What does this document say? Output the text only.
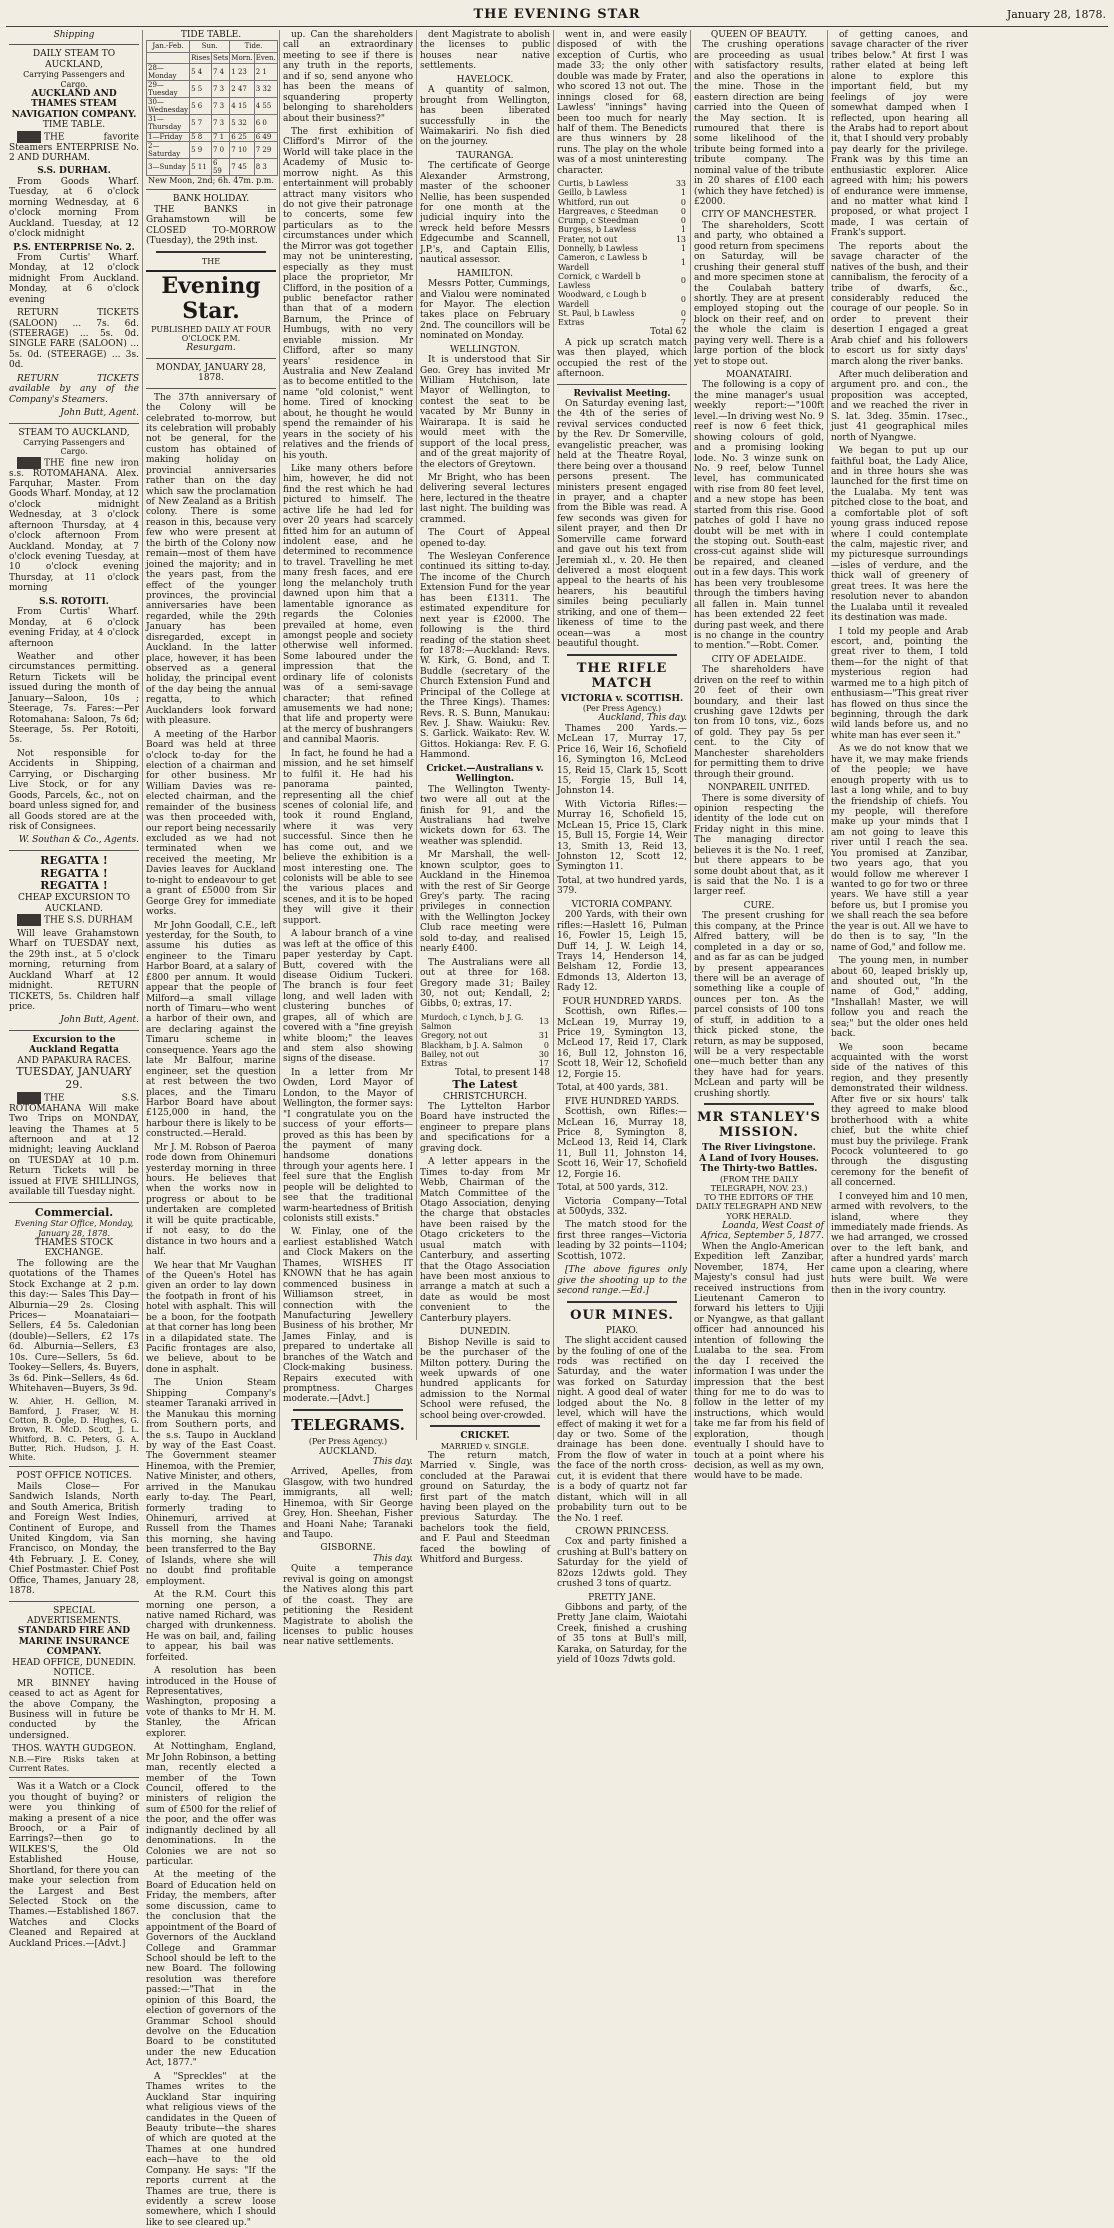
THE EVENING STAR	January 28, 1878.
Shipping
DAILY STEAM TO AUCKLAND,
Carrying Passengers and Cargo.
AUCKLAND AND THAMES STEAM NAVIGATION COMPANY.
TIME TABLE.

THE favorite Steamers ENTERPRISE No. 2 AND DURHAM.

S.S. DURHAM.

From Goods Wharf. Tuesday, at 6 o'clock morning Wednesday, at 6 o'clock morning From Auckland. Tuesday, at 12 o'clock midnight

P.S. ENTERPRISE No. 2.

From Curtis' Wharf. Monday, at 12 o'clock midnight From Auckland. Monday, at 6 o'clock evening

RETURN TICKETS (SALOON) ... 7s. 6d. (STEERAGE) ... 5s. 0d. SINGLE FARE (SALOON) ... 5s. 0d. (STEERAGE) ... 3s. 0d.

RETURN TICKETS available by any of the Company's Steamers.

John Butt, Agent.
STEAM TO AUCKLAND,
Carrying Passengers and Cargo.

THE fine new iron s.s. ROTOMAHANA. Alex. Farquhar, Master. From Goods Wharf. Monday, at 12 o'clock midnight Wednesday, at 3 o'clock afternoon Thursday, at 4 o'clock afternoon From Auckland. Monday, at 7 o'clock evening Tuesday, at 10 o'clock evening Thursday, at 11 o'clock morning

S.S. ROTOITI.

From Curtis' Wharf. Monday, at 6 o'clock evening Friday, at 4 o'clock afternoon

Weather and other circumstances permitting. Return Tickets will be issued during the month of January—Saloon, 10s ; Steerage, 7s. Fares:—Per Rotomahana: Saloon, 7s 6d; Steerage, 5s. Per Rotoiti, 5s.

Not responsible for Accidents in Shipping, Carrying, or Discharging Live Stock, or for any Goods, Parcels, &c., not on board unless signed for, and all Goods stored are at the risk of Consignees.

W. Southan & Co., Agents.
REGATTA ! REGATTA ! REGATTA !
CHEAP EXCURSION TO AUCKLAND.

THE S.S. DURHAM

Will leave Grahamstown Wharf on TUESDAY next, the 29th inst., at 5 o'clock morning, returning from Auckland Wharf at 12 midnight. RETURN TICKETS, 5s. Children half price.

John Butt, Agent.
Excursion to the Auckland Regatta
AND PAPAKURA RACES.
TUESDAY, JANUARY 29.

THE S.S. ROTOMAHANA Will make Two Trips on MONDAY, leaving the Thames at 5 afternoon and at 12 midnight; leaving Auckland on TUESDAY at 10 p.m. Return Tickets will be issued at FIVE SHILLINGS, available till Tuesday night.

Commercial.
Evening Star Office, Monday, January 28, 1878.
THAMES STOCK EXCHANGE.

The following are the quotations of the Thames Stock Exchange at 2 p.m. this day:— Sales This Day— Alburnia—29 2s. Closing Prices— Moanataiari—Sellers, £4 5s. Caledonian (double)—Sellers, £2 17s 6d. Alburnia—Sellers, £3 10s. Cure—Sellers, 5s 6d. Tookey—Sellers, 4s. Buyers, 3s 6d. Pink—Sellers, 4s 6d. Whitehaven—Buyers, 3s 9d.

W. Ahier, H. Gellion, M. Bamford, J. Fraser, W. H. Cotton, B. Ogle, D. Hughes, G. Brown, R. McD. Scott, J. L. Whitford, B. C. Peters, G. A. Butter, Rich. Hudson, J. H. White.

POST OFFICE NOTICES.

Mails Close— For Sandwich Islands, North and South America, British and Foreign West Indies, Continent of Europe, and United Kingdom, via San Francisco, on Monday, the 4th February. J. E. Coney, Chief Postmaster. Chief Post Office, Thames, January 28, 1878.

SPECIAL ADVERTISEMENTS.
STANDARD FIRE AND MARINE INSURANCE COMPANY.
HEAD OFFICE, DUNEDIN.
NOTICE.

MR BINNEY having ceased to act as Agent for the above Company, the Business will in future be conducted by the undersigned.

THOS. WAYTH GUDGEON.

N.B.—Fire Risks taken at Current Rates.

Was it a Watch or a Clock you thought of buying? or were you thinking of making a present of a nice Brooch, or a Pair of Earrings?—then go to WILKES'S, the Old Established House, Shortland, for there you can make your selection from the Largest and Best Selected Stock on the Thames.—Established 1867. Watches and Clocks Cleaned and Repaired at Auckland Prices.—[Advt.]

TIDE TABLE.
Jan.-Feb.	Sun.		Tide.	
	Rises	Sets	Morn.	Even.
28—Monday	5 4	7 4	1 23	2 1
29—Tuesday	5 5	7 3	2 47	3 32
30—Wednesday	5 6	7 3	4 15	4 55
31—Thursday	5 7	7 3	5 32	6 0
1—Friday	5 8	7 1	6 25	6 49
2—Saturday	5 9	7 0	7 10	7 29
3—Sunday	5 11	6 59	7 45	8 3
New Moon, 2nd; 6h. 47m. p.m.
BANK HOLIDAY.

THE BANKS in Grahamstown will be CLOSED TO-MORROW (Tuesday), the 29th inst.

THE
Evening Star.
PUBLISHED DAILY AT FOUR O'CLOCK P.M.
Resurgam.
MONDAY, JANUARY 28, 1878.

The 37th anniversary of the Colony will be celebrated to-morrow, but its celebration will probably not be general, for the custom has obtained of making holiday on provincial anniversaries rather than on the day which saw the proclamation of New Zealand as a British colony. There is some reason in this, because very few who were present at the birth of the Colony now remain—most of them have joined the majority; and in the years past, from the effect of the younger provinces, the provincial anniversaries have been regarded, while the 29th January has been disregarded, except in Auckland. In the latter place, however, it has been observed as a general holiday, the principal event of the day being the annual regatta, to which Aucklanders look forward with pleasure.

A meeting of the Harbor Board was held at three o'clock to-day for the election of a chairman and for other business. Mr William Davies was re-elected chairman, and the remainder of the business was then proceeded with, our report being necessarily excluded as we had not terminated when we received the meeting, Mr Davies leaves for Auckland to-night to endeavour to get a grant of £5000 from Sir George Grey for immediate works.

Mr John Goodall, C.E., left yesterday, for the South, to assume his duties as engineer to the Timaru Harbor Board, at a salary of £800 per annum. It would appear that the people of Milford—a small village north of Timaru—who went a harbor of their own, and are declaring against the Timaru scheme in consequence. Years ago the late Mr Balfour, marine engineer, set the question at rest between the two places, and the Timaru Harbor Board have about £125,000 in hand, the harbour there is likely to be constructed.—Herald.

Mr J. M. Robson of Paeroa rode down from Ohinemuri yesterday morning in three hours. He believes that when the works now in progress or about to be undertaken are completed it will be quite practicable, if not easy, to do the distance in two hours and a half.

We hear that Mr Vaughan of the Queen's Hotel has given an order to lay down the footpath in front of his hotel with asphalt. This will be a boon, for the footpath at that corner has long been in a dilapidated state. The Pacific frontages are also, we believe, about to be done in asphalt.

The Union Steam Shipping Company's steamer Taranaki arrived in the Manukau this morning from Southern ports, and the s.s. Taupo in Auckland by way of the East Coast. The Government steamer Hinemoa, with the Premier, Native Minister, and others, arrived in the Manukau early to-day. The Pearl, formerly trading to Ohinemuri, arrived at Russell from the Thames this morning, she having been transferred to the Bay of Islands, where she will no doubt find profitable employment.

At the R.M. Court this morning one person, a native named Richard, was charged with drunkenness. He was on bail, and, failing to appear, his bail was forfeited.

A resolution has been introduced in the House of Representatives, Washington, proposing a vote of thanks to Mr H. M. Stanley, the African explorer.

At Nottingham, England, Mr John Robinson, a betting man, recently elected a member of the Town Council, offered to the ministers of religion the sum of £500 for the relief of the poor, and the offer was indignantly declined by all denominations. In the Colonies we are not so particular.

At the meeting of the Board of Education held on Friday, the members, after some discussion, came to the conclusion that the appointment of the Board of Governors of the Auckland College and Grammar School should be left to the new Board. The following resolution was therefore passed:—"That in the opinion of this Board, the election of governors of the Grammar School should devolve on the Education Board to be constituted under the new Education Act, 1877."

A "Spreckles" at the Thames writes to the Auckland Star inquiring what religious views of the candidates in the Queen of Beauty tribute—the shares of which are quoted at the Thames at one hundred each—have to the old Company. He says: "If the reports current at the Thames are true, there is evidently a screw loose somewhere, which I should like to see cleared up."

up. Can the shareholders call an extraordinary meeting to see if there is any truth in the reports, and if so, send anyone who has been the means of squandering property belonging to shareholders about their business?"

The first exhibition of Clifford's Mirror of the World will take place in the Academy of Music to-morrow night. As this entertainment will probably attract many visitors who do not give their patronage to concerts, some few particulars as to the circumstances under which the Mirror was got together may not be uninteresting, especially as they must place the proprietor, Mr Clifford, in the position of a public benefactor rather than that of a modern Barnum, the Prince of Humbugs, with no very enviable mission. Mr Clifford, after so many years' residence in Australia and New Zealand as to become entitled to the name "old colonist," went home. Tired of knocking about, he thought he would spend the remainder of his years in the society of his relatives and the friends of his youth.

Like many others before him, however, he did not find the rest which he had pictured to himself. The active life he had led for over 20 years had scarcely fitted him for an autumn of indolent ease, and he determined to recommence to travel. Travelling he met many fresh faces, and ere long the melancholy truth dawned upon him that a lamentable ignorance as regards the Colonies prevailed at home, even amongst people and society otherwise well informed. Some laboured under the impression that the ordinary life of colonists was of a semi-savage character; that refined amusements we had none; that life and property were at the mercy of bushrangers and cannibal Maoris.

In fact, he found he had a mission, and he set himself to fulfil it. He had his panorama painted, representing all the chief scenes of colonial life, and took it round England, where it was very successful. Since then he has come out, and we believe the exhibition is a most interesting one. The colonists will be able to see the various places and scenes, and it is to be hoped they will give it their support.

A labour branch of a vine was left at the office of this paper yesterday by Capt. Butt, covered with the disease Oidium Tuckeri. The branch is four feet long, and well laden with clustering bunches of grapes, all of which are covered with a "fine greyish white bloom;" the leaves and stem also showing signs of the disease.

In a letter from Mr Owden, Lord Mayor of London, to the Mayor of Wellington, the former says: "I congratulate you on the success of your efforts—proved as this has been by the payment of many handsome donations through your agents here. I feel sure that the English people will be delighted to see that the traditional warm-heartedness of British colonists still exists."

W. Finlay, one of the earliest established Watch and Clock Makers on the Thames, WISHES IT KNOWN that he has again commenced business in Williamson street, in connection with the Manufacturing Jewellery Business of his brother, Mr James Finlay, and is prepared to undertake all branches of the Watch and Clock-making business. Repairs executed with promptness. Charges moderate.—[Advt.]

TELEGRAMS.
(Per Press Agency.)
AUCKLAND.
This day.

Arrived, Apelles, from Glasgow, with two hundred immigrants, all well; Hinemoa, with Sir George Grey, Hon. Sheehan, Fisher and Hoani Nahe; Taranaki and Taupo.

GISBORNE.
This day.

Quite a temperance revival is going on amongst the Natives along this part of the coast. They are petitioning the Resident Magistrate to abolish the licenses to public houses near native settlements.

dent Magistrate to abolish the licenses to public houses near native settlements.

HAVELOCK.

A quantity of salmon, brought from Wellington, has been liberated successfully in the Waimakariri. No fish died on the journey.

TAURANGA.

The certificate of George Alexander Armstrong, master of the schooner Nellie, has been suspended for one month at the judicial inquiry into the wreck held before Messrs Edgecumbe and Scannell, J.P.'s, and Captain Ellis, nautical assessor.

HAMILTON.

Messrs Potter, Cummings, and Vialou were nominated for Mayor. The election takes place on February 2nd. The councillors will be nominated on Monday.

WELLINGTON.

It is understood that Sir Geo. Grey has invited Mr William Hutchison, late Mayor of Wellington, to contest the seat to be vacated by Mr Bunny in Wairarapa. It is said he would meet with the support of the local press, and of the great majority of the electors of Greytown.

Mr Bright, who has been delivering several lectures here, lectured in the theatre last night. The building was crammed.

The Court of Appeal opened to-day.

The Wesleyan Conference continued its sitting to-day. The income of the Church Extension Fund for the year has been £1311. The estimated expenditure for next year is £2000. The following is the third reading of the station sheet for 1878:—Auckland: Revs. W. Kirk, G. Bond, and T. Buddle (secretary of the Church Extension Fund and Principal of the College at the Three Kings). Thames: Revs. R. S. Bunn, Manukau: Rev. J. Shaw. Waiuku: Rev. S. Garlick. Waikato: Rev. W. Gittos. Hokianga: Rev. F. G. Hammond.

Cricket.—Australians v. Wellington.

The Wellington Twenty-two were all out at the finish for 91, and the Australians had twelve wickets down for 63. The weather was splendid.

Mr Marshall, the well-known sculptor, goes to Auckland in the Hinemoa with the rest of Sir George Grey's party. The racing privileges in connection with the Wellington Jockey Club race meeting were sold to-day, and realised nearly £400.

The Australians were all out at three for 168. Gregory made 31; Bailey 30, not out; Kendall, 2; Gibbs, 0; extras, 17.

Murdoch, c Lynch, b J. G. Salmon	13
Gregory, not out	31
Blackham, b J. A. Salmon	0
Bailey, not out	30
Extras	17
Total, to present 148
The Latest
CHRISTCHURCH.

The Lyttelton Harbor Board have instructed the engineer to prepare plans and specifications for a graving dock.

A letter appears in the Times to-day from Mr Webb, Chairman of the Match Committee of the Otago Association, denying the charge that obstacles have been raised by the Otago cricketers to the usual match with Canterbury, and asserting that the Otago Association have been most anxious to arrange a match at such a date as would be most convenient to the Canterbury players.

DUNEDIN.

Bishop Neville is said to be the purchaser of the Milton pottery. During the week upwards of one hundred applicants for admission to the Normal School were refused, the school being over-crowded.

CRICKET.
MARRIED v. SINGLE.

The return match, Married v. Single, was concluded at the Parawai ground on Saturday, the first part of the match having been played on the previous Saturday. The bachelors took the field, and F. Paul and Steedman faced the bowling of Whitford and Burgess.

went in, and were easily disposed of with the exception of Curtis, who made 33; the only other double was made by Frater, who scored 13 not out. The innings closed for 68, Lawless' "innings" having been too much for nearly half of them. The Benedicts are thus winners by 28 runs. The play on the whole was of a most uninteresting character.

Curtis, b Lawless	33
Geillo, b Lawless	1
Whitford, run out	0
Hargreaves, c Steedman	0
Crump, c Steedman	0
Burgess, b Lawless	1
Frater, not out	13
Donnelly, b Lawless	1
Cameron, c Lawless b Wardell	1
Cornick, c Wardell b Lawless	0
Woodward, c Lough b Wardell	0
St. Paul, b Lawless	0
Extras	7
Total 62

A pick up scratch match was then played, which occupied the rest of the afternoon.

Revivalist Meeting.

On Saturday evening last, the 4th of the series of revival services conducted by the Rev. Dr Somerville, evangelistic preacher, was held at the Theatre Royal, there being over a thousand persons present. The ministers present engaged in prayer, and a chapter from the Bible was read. A few seconds was given for silent prayer, and then Dr Somerville came forward and gave out his text from Jeremiah xl., v. 20. He then delivered a most eloquent appeal to the hearts of his hearers, his beautiful similes being peculiarly striking, and one of them—likeness of time to the ocean—was a most beautiful thought.

THE RIFLE MATCH
VICTORIA v. SCOTTISH.
(Per Press Agency.)
Auckland, This day.

Thames 200 Yards.—McLean 17, Murray 17, Price 16, Weir 16, Schofield 16, Symington 16, McLeod 15, Reid 15, Clark 15, Scott 15, Forgie 15, Bull 14, Johnston 14.

With Victoria Rifles:—Murray 16, Schofield 15, McLean 15, Price 15, Clark 15, Bull 15, Forgie 14, Weir 13, Smith 13, Reid 13, Johnston 12, Scott 12, Symington 11.

Total, at two hundred yards, 379.

VICTORIA COMPANY.

200 Yards, with their own rifles:—Haslett 16, Pulman 16, Fowler 15, Leigh 15, Duff 14, J. W. Leigh 14, Trays 14, Henderson 14, Belsham 12, Fordie 13, Edmonds 13, Alderton 13, Rady 12.

FOUR HUNDRED YARDS.

Scottish, own Rifles.—McLean 19, Murray 19, Price 19, Symington 13, McLeod 17, Reid 17, Clark 16, Bull 12, Johnston 16, Scott 18, Weir 12, Schofield 12, Forgie 15.

Total, at 400 yards, 381.

FIVE HUNDRED YARDS.

Scottish, own Rifles:—McLean 16, Murray 18, Price 8, Symington 8, McLeod 13, Reid 14, Clark 11, Bull 11, Johnston 14, Scott 16, Weir 17, Schofield 12, Forgie 16.

Total, at 500 yards, 312.

Victoria Company—Total at 500yds, 332.

The match stood for the first three ranges—Victoria leading by 32 points—1104; Scottish, 1072.

[The above figures only give the shooting up to the second range.—Ed.]

OUR MINES.
PIAKO.

The slight accident caused by the fouling of one of the rods was rectified on Saturday, and the water was forked on Saturday night. A good deal of water lodged about the No. 8 level, which will have the effect of making it wet for a day or two. Some of the drainage has been done. From the flow of water in the face of the north cross-cut, it is evident that there is a body of quartz not far distant, which will in all probability turn out to be the No. 1 reef.

CROWN PRINCESS.

Cox and party finished a crushing at Bull's battery on Saturday for the yield of 82ozs 12dwts gold. They crushed 3 tons of quartz.

PRETTY JANE.

Gibbons and party, of the Pretty Jane claim, Waiotahi Creek, finished a crushing of 35 tons at Bull's mill, Karaka, on Saturday, for the yield of 10ozs 7dwts gold.

QUEEN OF BEAUTY.

The crushing operations are proceeding as usual with satisfactory results, and also the operations in the mine. Those in the eastern direction are being carried into the Queen of the May section. It is rumoured that there is some likelihood of the tribute being formed into a tribute company. The nominal value of the tribute in 20 shares of £100 each (which they have fetched) is £2000.

CITY OF MANCHESTER.

The shareholders, Scott and party, who obtained a good return from specimens on Saturday, will be crushing their general stuff and more specimen stone at the Coulabah battery shortly. They are at present employed stoping out the block on their reef, and on the whole the claim is paying very well. There is a large portion of the block yet to stope out.

MOANATAIRI.

The following is a copy of the mine manager's usual weekly report:—"100ft level.—In driving west No. 9 reef is now 6 feet thick, showing colours of gold, and a promising looking lode. No. 3 winze sunk on No. 9 reef, below Tunnel level, has communicated with rise from 80 feet level, and a new stope has been started from this rise. Good patches of gold I have no doubt will be met with in the stoping out. South-east cross-cut against slide will be repaired, and cleaned out in a few days. This work has been very troublesome through the timbers having all fallen in. Main tunnel has been extended 22 feet during past week, and there is no change in the country to mention."—Robt. Comer.

CITY OF ADELAIDE.

The shareholders have driven on the reef to within 20 feet of their own boundary, and their last crushing gave 12dwts per ton from 10 tons, viz., 6ozs of gold. They pay 5s per cent. to the City of Manchester shareholders for permitting them to drive through their ground.

NONPAREIL UNITED.

There is some diversity of opinion respecting the identity of the lode cut on Friday night in this mine. The managing director believes it is the No. 1 reef, but there appears to be some doubt about that, as it is said that the No. 1 is a larger reef.

CURE.

The present crushing for this company, at the Prince Alfred battery, will be completed in a day or so, and as far as can be judged by present appearances there will be an average of something like a couple of ounces per ton. As the parcel consists of 100 tons of stuff, in addition to a thick picked stone, the return, as may be supposed, will be a very respectable one—much better than any they have had for years. McLean and party will be crushing shortly.

MR STANLEY'S MISSION.
The River Livingstone.
A Land of Ivory Houses.
The Thirty-two Battles.
(FROM THE DAILY TELEGRAPH, NOV. 23.)
TO THE EDITORS OF THE DAILY TELEGRAPH AND NEW YORK HERALD.
Loanda, West Coast of Africa, September 5, 1877.

When the Anglo-American Expedition left Zanzibar, November, 1874, Her Majesty's consul had just received instructions from Lieutenant Cameron to forward his letters to Ujiji or Nyangwe, as that gallant officer had announced his intention of following the Lualaba to the sea. From the day I received the information I was under the impression that the best thing for me to do was to follow in the letter of my instructions, which would take me far from his field of exploration, though eventually I should have to touch at a point where his decision, as well as my own, would have to be made.

of getting canoes, and savage character of the river tribes below." At first I was rather elated at being left alone to explore this important field, but my feelings of joy were somewhat damped when I reflected, upon hearing all the Arabs had to report about it, that I should very probably pay dearly for the privilege. Frank was by this time an enthusiastic explorer. Alice agreed with him; his powers of endurance were immense, and no matter what kind I proposed, or what project I made, I was certain of Frank's support.

The reports about the savage character of the natives of the bush, and their cannibalism, the ferocity of a tribe of dwarfs, &c., considerably reduced the courage of our people. So in order to prevent their desertion I engaged a great Arab chief and his followers to escort us for sixty days' march along the river banks.

After much deliberation and argument pro. and con., the proposition was accepted, and we reached the river in S. lat. 3deg. 35min. 17sec., just 41 geographical miles north of Nyangwe.

We began to put up our faithful boat, the Lady Alice, and in three hours she was launched for the first time on the Lualaba. My tent was pitched close to the boat, and a comfortable plot of soft young grass induced repose where I could contemplate the calm, majestic river, and my picturesque surroundings—isles of verdure, and the thick wall of greenery of great trees. It was here the resolution never to abandon the Lualaba until it revealed its destination was made.

I told my people and Arab escort, and, pointing the great river to them, I told them—for the night of that mysterious region had warmed me to a high pitch of enthusiasm—"This great river has flowed on thus since the beginning, through the dark wild lands before us, and no white man has ever seen it."

As we do not know that we have it, we may make friends of the people; we have enough property with us to last a long while, and to buy the friendship of chiefs. You my people, will therefore make up your minds that I am not going to leave this river until I reach the sea. You promised at Zanzibar, two years ago, that you would follow me wherever I wanted to go for two or three years. We have still a year before us, but I promise you we shall reach the sea before the year is out. All we have to do then is to say, "In the name of God," and follow me.

The young men, in number about 60, leaped briskly up, and shouted out, "In the name of God," adding, "Inshallah! Master, we will follow you and reach the sea;" but the older ones held back.

We soon became acquainted with the worst side of the natives of this region, and they presently demonstrated their wildness. After five or six hours' talk they agreed to make blood brotherhood with a white chief, but the white chief must buy the privilege. Frank Pocock volunteered to go through the disgusting ceremony for the benefit of all concerned.

I conveyed him and 10 men, armed with revolvers, to the island, where they immediately made friends. As we had arranged, we crossed over to the left bank, and after a hundred yards' march came upon a clearing, where huts were built. We were then in the ivory country.
